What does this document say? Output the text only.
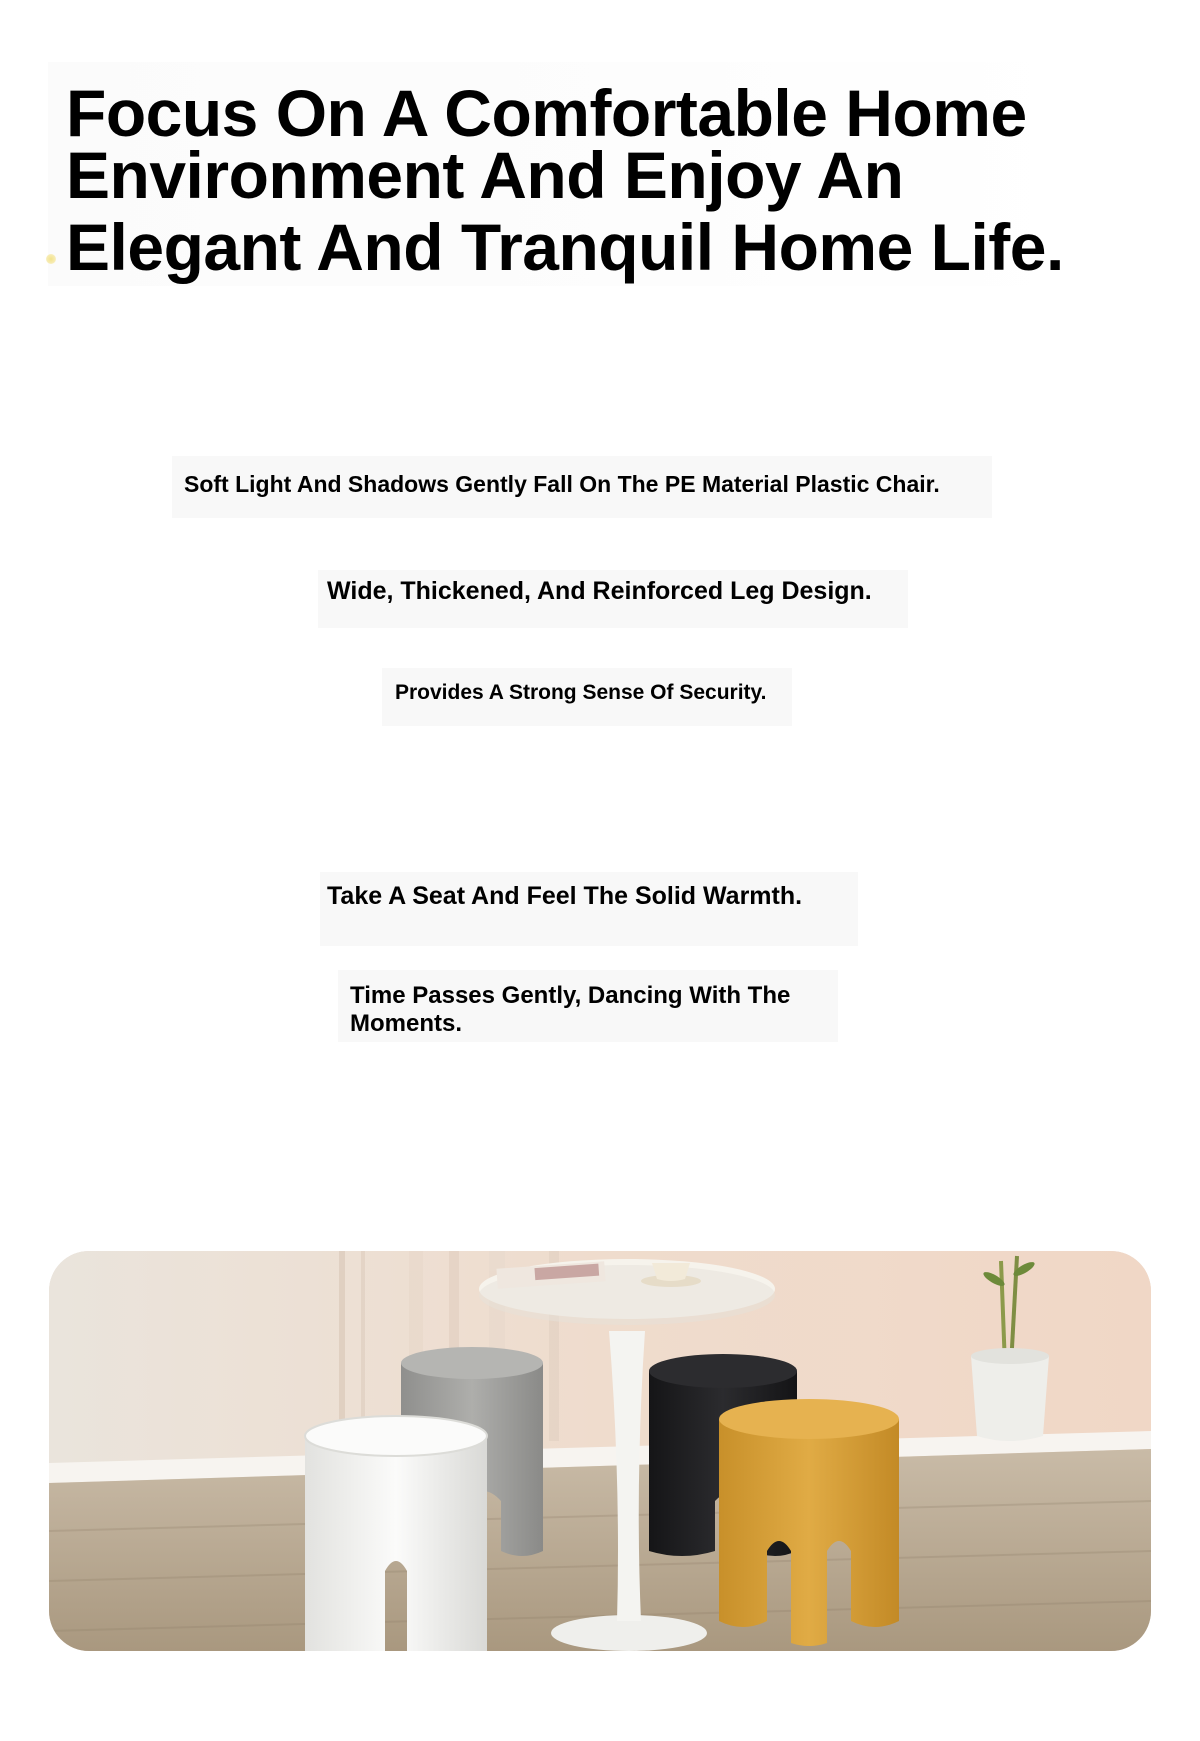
Focus On A Comfortable Home
Environment And Enjoy An
Elegant And Tranquil Home Life.

Soft Light And Shadows Gently Fall On The PE Material Plastic Chair.

Wide, Thickened, And Reinforced Leg Design.

Provides A Strong Sense Of Security.

Take A Seat And Feel The Solid Warmth.

Time Passes Gently, Dancing With The Moments.
